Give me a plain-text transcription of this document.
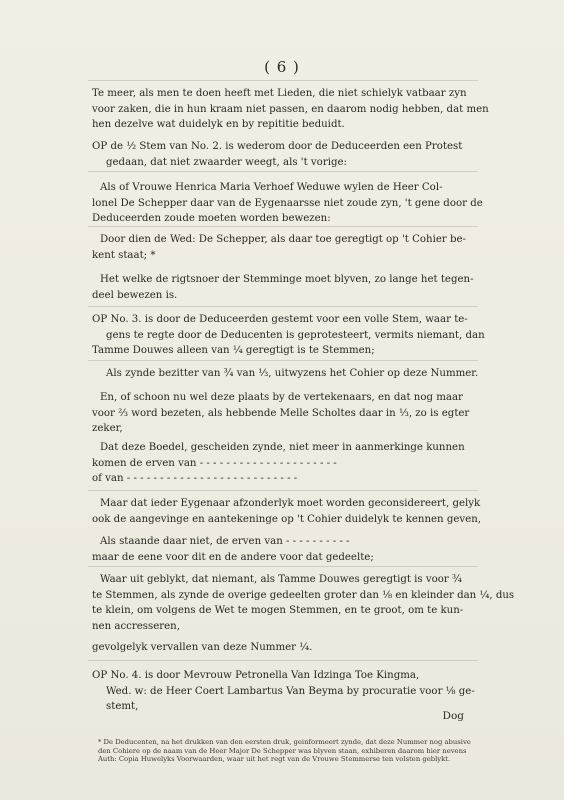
( 6 )
Te meer, als men te doen heeft met Lieden, die niet schielyk vatbaar zyn
voor zaken, die in hun kraam niet passen, en daarom nodig hebben, dat men
hen dezelve wat duidelyk en by repititie beduidt.
OP de ½ Stem van No. 2. is wederom door de Deduceerden een Protest
gedaan, dat niet zwaarder weegt, als 't vorige:
Als of Vrouwe Henrica Maria Verhoef Weduwe wylen de Heer Col-
lonel De Schepper daar van de Eygenaarsse niet zoude zyn, 't gene door de
Deduceerden zoude moeten worden bewezen:
Door dien de Wed: De Schepper, als daar toe geregtigt op 't Cohier be-
kent staat; *
Het welke de rigtsnoer der Stemminge moet blyven, zo lange het tegen-
deel bewezen is.
OP No. 3. is door de Deduceerden gestemt voor een volle Stem, waar te-
gens te regte door de Deducenten is geprotesteert, vermits niemant, dan
Tamme Douwes alleen van ¼ geregtigt is te Stemmen;
Als zynde bezitter van ¾ van ⅓, uitwyzens het Cohier op deze Nummer.
En, of schoon nu wel deze plaats by de vertekenaars, en dat nog maar
voor ⅔ word bezeten, als hebbende Melle Scholtes daar in ⅓, zo is egter
zeker,
Dat deze Boedel, gescheiden zynde, niet meer in aanmerkinge kunnen
komen de erven van - - - - - - - - - - - - - - - - - - - - -
of van - - - - - - - - - - - - - - - - - - - - - - - - - -
Maar dat ieder Eygenaar afzonderlyk moet worden geconsidereert, gelyk
ook de aangevinge en aantekeninge op 't Cohier duidelyk te kennen geven,
Als staande daar niet, de erven van - - - - - - - - - -
maar de eene voor dit en de andere voor dat gedeelte;
Waar uit geblykt, dat niemant, als Tamme Douwes geregtigt is voor ¾
te Stemmen, als zynde de overige gedeelten groter dan ⅛ en kleinder dan ¼, dus
te klein, om volgens de Wet te mogen Stemmen, en te groot, om te kun-
nen accresseren,
gevolgelyk vervallen van deze Nummer ¼.
OP No. 4. is door Mevrouw Petronella Van Idzinga Toe Kingma,
Wed. w: de Heer Coert Lambartus Van Beyma by procuratie voor ⅛ ge-
stemt,
Dog
* De Deducenten, na het drukken van den eersten druk, geinformeert zynde, dat deze Nummer nog abusive
den Cohiere op de naam van de Heer Major De Schepper was blyven staan, exhiberen daarom hier nevens
Auth: Copia Huwelyks Voorwaarden, waar uit het regt van de Vrouwe Stemmerse ten volsten geblykt.
